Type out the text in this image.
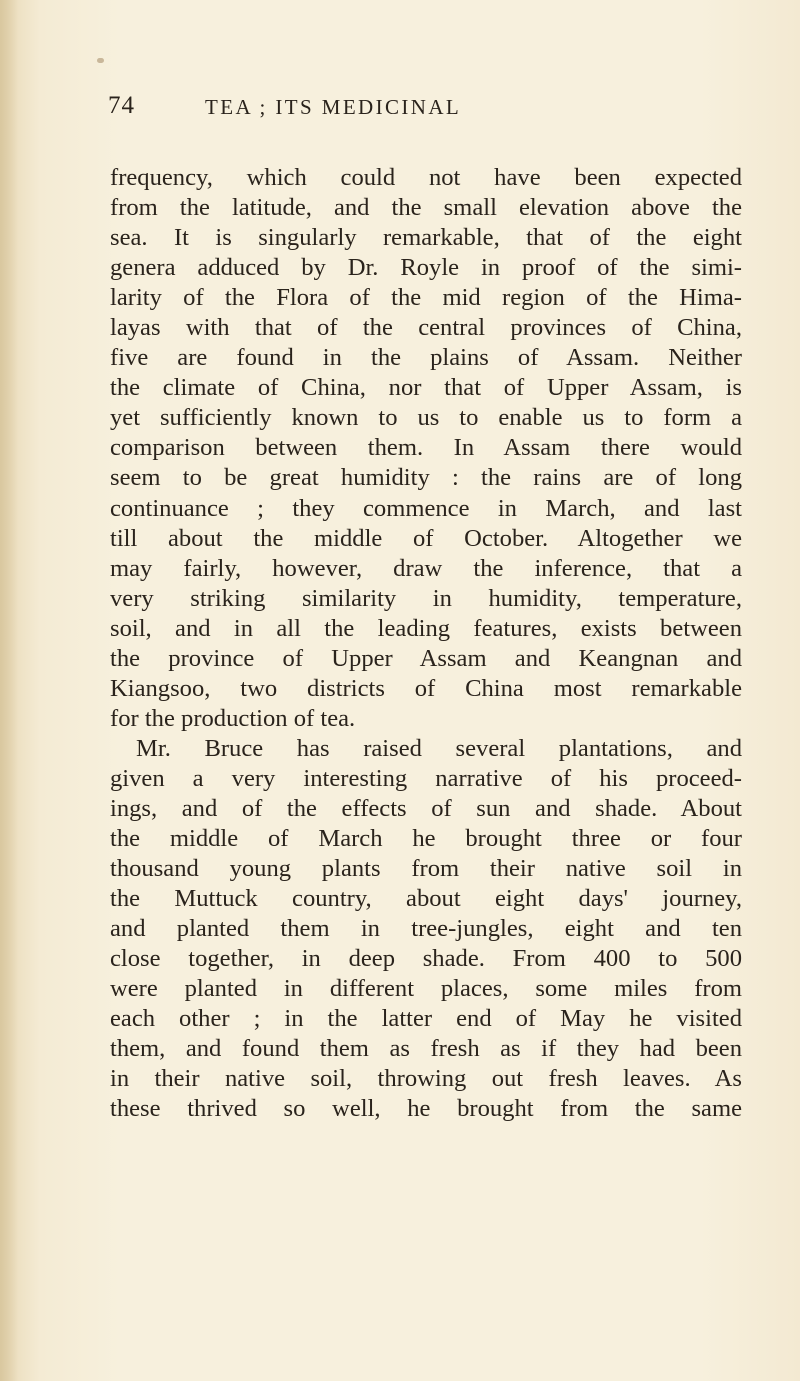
74	TEA ; ITS MEDICINAL
frequency, which could not have been expected
from the latitude, and the small elevation above the
sea. It is singularly remarkable, that of the eight
genera adduced by Dr. Royle in proof of the simi-
larity of the Flora of the mid region of the Hima-
layas with that of the central provinces of China,
five are found in the plains of Assam. Neither
the climate of China, nor that of Upper Assam, is
yet sufficiently known to us to enable us to form a
comparison between them. In Assam there would
seem to be great humidity : the rains are of long
continuance ; they commence in March, and last
till about the middle of October. Altogether we
may fairly, however, draw the inference, that a
very striking similarity in humidity, temperature,
soil, and in all the leading features, exists between
the province of Upper Assam and Keangnan and
Kiangsoo, two districts of China most remarkable
for the production of tea.
Mr. Bruce has raised several plantations, and
given a very interesting narrative of his proceed-
ings, and of the effects of sun and shade. About
the middle of March he brought three or four
thousand young plants from their native soil in
the Muttuck country, about eight days' journey,
and planted them in tree-jungles, eight and ten
close together, in deep shade. From 400 to 500
were planted in different places, some miles from
each other ; in the latter end of May he visited
them, and found them as fresh as if they had been
in their native soil, throwing out fresh leaves. As
these thrived so well, he brought from the same
